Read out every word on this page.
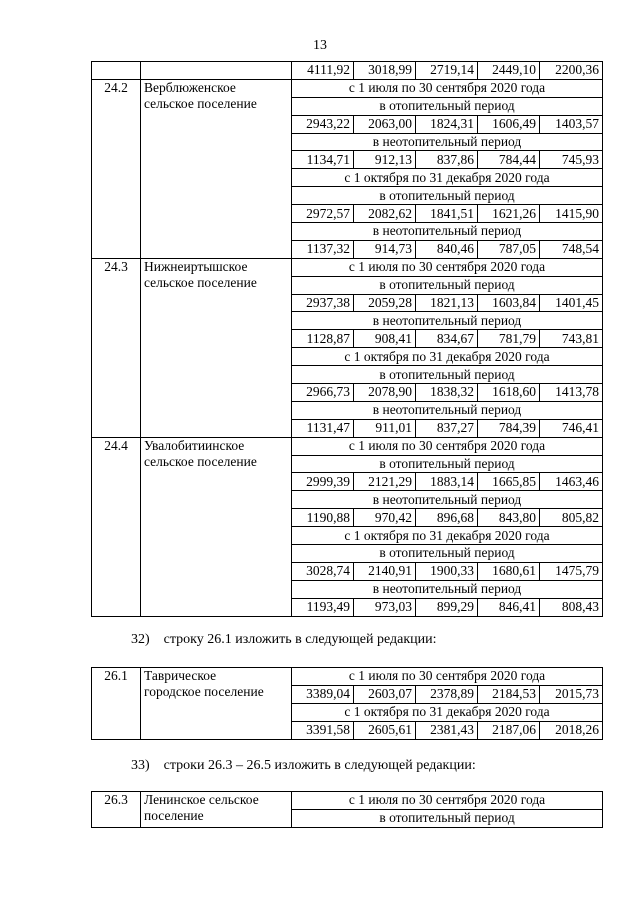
13
		4111,92	3018,99	2719,14	2449,10	2200,36
24.2	Верблюженское
сельское поселение	с 1 июля по 30 сентября 2020 года				
		в отопительный период				
		2943,22	2063,00	1824,31	1606,49	1403,57
		в неотопительный период				
		1134,71	912,13	837,86	784,44	745,93
		с 1 октября по 31 декабря 2020 года				
		в отопительный период				
		2972,57	2082,62	1841,51	1621,26	1415,90
		в неотопительный период				
		1137,32	914,73	840,46	787,05	748,54
24.3	Нижнеиртышское
сельское поселение	с 1 июля по 30 сентября 2020 года				
		в отопительный период				
		2937,38	2059,28	1821,13	1603,84	1401,45
		в неотопительный период				
		1128,87	908,41	834,67	781,79	743,81
		с 1 октября по 31 декабря 2020 года				
		в отопительный период				
		2966,73	2078,90	1838,32	1618,60	1413,78
		в неотопительный период				
		1131,47	911,01	837,27	784,39	746,41
24.4	Увалобитиинское
сельское поселение	с 1 июля по 30 сентября 2020 года				
		в отопительный период				
		2999,39	2121,29	1883,14	1665,85	1463,46
		в неотопительный период				
		1190,88	970,42	896,68	843,80	805,82
		с 1 октября по 31 декабря 2020 года				
		в отопительный период				
		3028,74	2140,91	1900,33	1680,61	1475,79
		в неотопительный период				
		1193,49	973,03	899,29	846,41	808,43
32) строку 26.1 изложить в следующей редакции:
26.1	Таврическое
городское поселение	с 1 июля по 30 сентября 2020 года				
		3389,04	2603,07	2378,89	2184,53	2015,73
		с 1 октября по 31 декабря 2020 года				
		3391,58	2605,61	2381,43	2187,06	2018,26
33) строки 26.3 – 26.5 изложить в следующей редакции:
26.3	Ленинское сельское
поселение
	с 1 июля по 30 сентября 2020 года
в отопительный период
